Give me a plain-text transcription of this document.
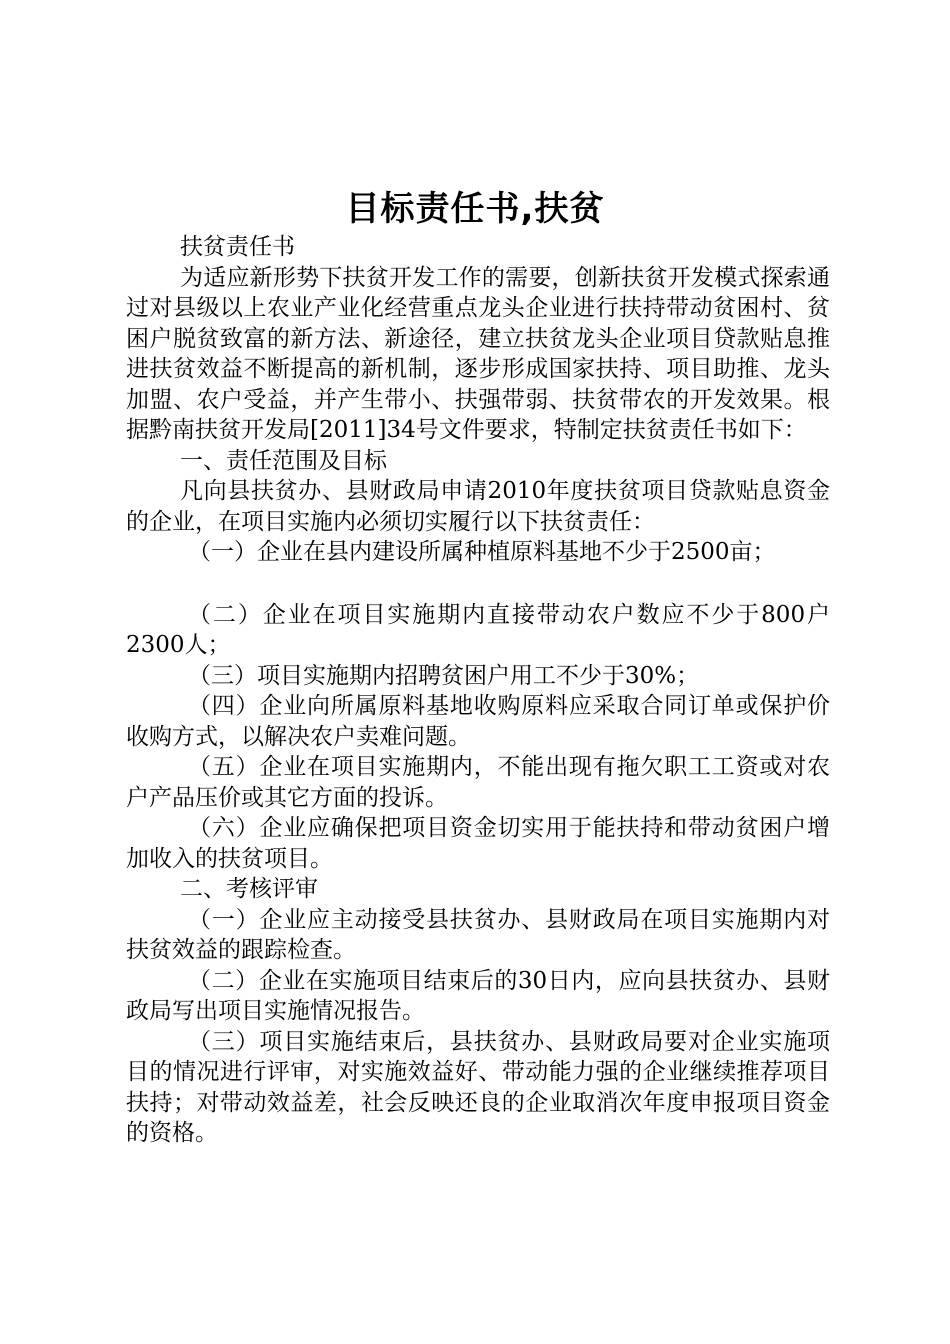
目标责任书,扶贫

扶贫责任书

为适应新形势下扶贫开发工作的需要，创新扶贫开发模式探索通过对县级以上农业产业化经营重点龙头企业进行扶持带动贫困村、贫困户脱贫致富的新方法、新途径，建立扶贫龙头企业项目贷款贴息推进扶贫效益不断提高的新机制，逐步形成国家扶持、项目助推、龙头加盟、农户受益，并产生带小、扶强带弱、扶贫带农的开发效果。根据黔南扶贫开发局[2011]34号文件要求，特制定扶贫责任书如下：

一、责任范围及目标

凡向县扶贫办、县财政局申请2010年度扶贫项目贷款贴息资金的企业，在项目实施内必须切实履行以下扶贫责任：

（一）企业在县内建设所属种植原料基地不少于2500亩；

（二）企业在项目实施期内直接带动农户数应不少于800户2300人；

（三）项目实施期内招聘贫困户用工不少于30%；

（四）企业向所属原料基地收购原料应采取合同订单或保护价收购方式，以解决农户卖难问题。

（五）企业在项目实施期内，不能出现有拖欠职工工资或对农户产品压价或其它方面的投诉。

（六）企业应确保把项目资金切实用于能扶持和带动贫困户增加收入的扶贫项目。

二、考核评审

（一）企业应主动接受县扶贫办、县财政局在项目实施期内对扶贫效益的跟踪检查。

（二）企业在实施项目结束后的30日内，应向县扶贫办、县财政局写出项目实施情况报告。

（三）项目实施结束后，县扶贫办、县财政局要对企业实施项目的情况进行评审，对实施效益好、带动能力强的企业继续推荐项目扶持；对带动效益差，社会反映还良的企业取消次年度申报项目资金的资格。
